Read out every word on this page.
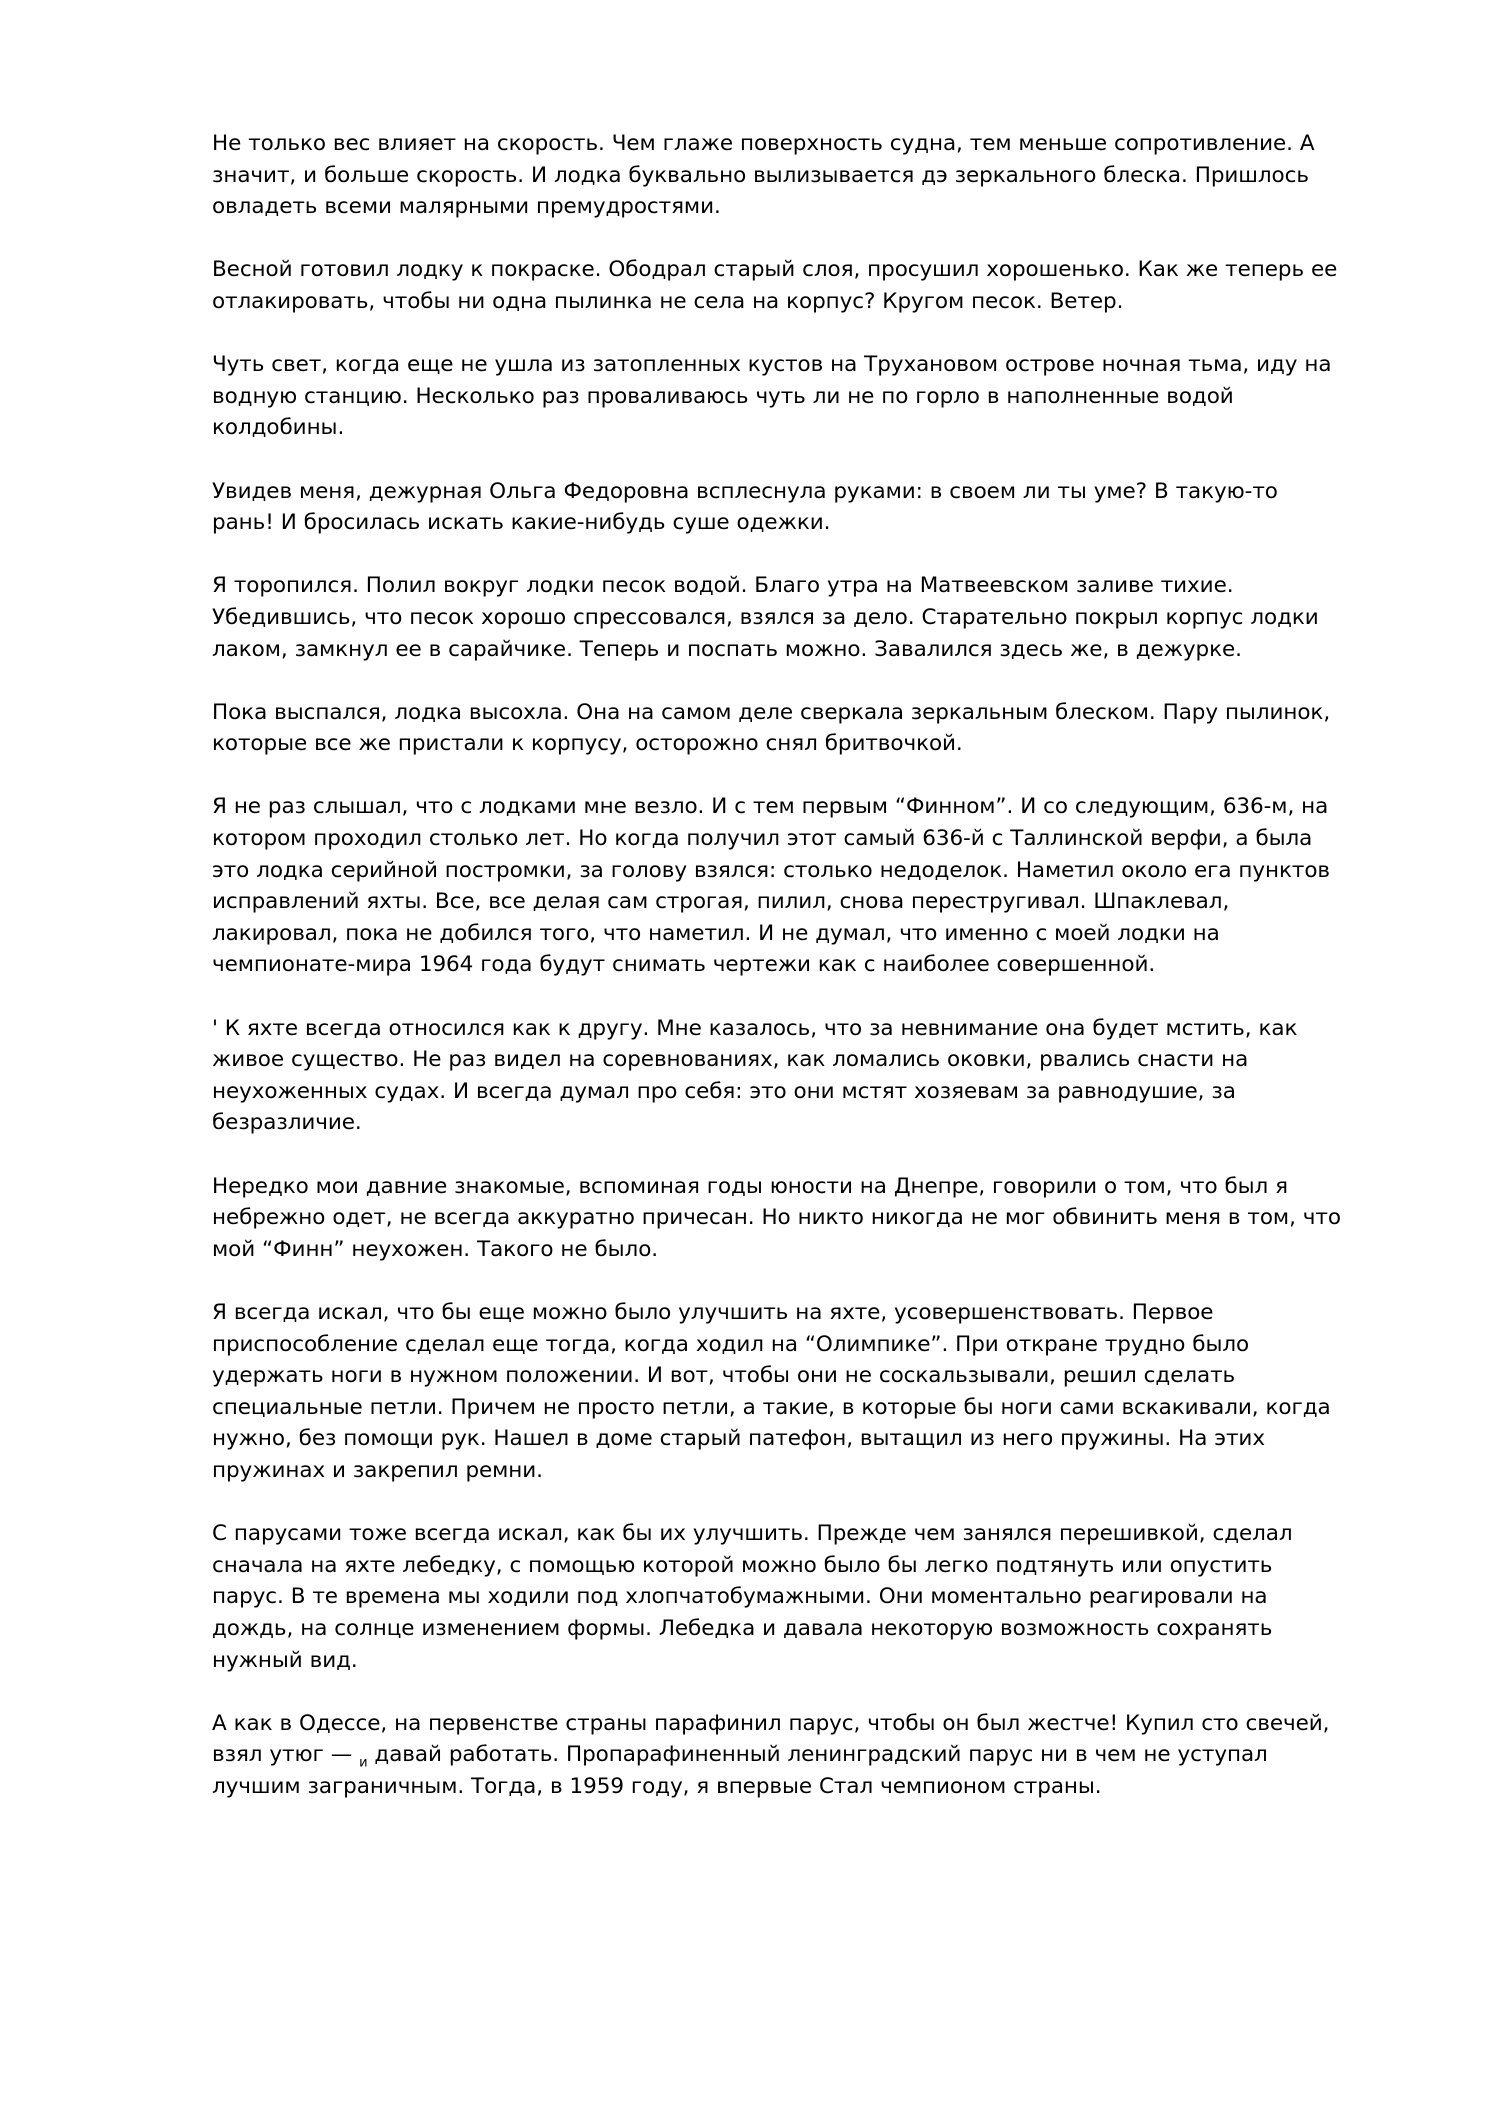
Не только вес влияет на скорость. Чем глаже поверхность судна, тем меньше сопротивление. А значит, и больше скорость. И лодка буквально вылизывается дэ зеркального блеска. Пришлось овладеть всеми малярными премудростями.

Весной готовил лодку к покраске. Ободрал старый слоя, просушил хорошенько. Как же теперь ее отлакировать, чтобы ни одна пылинка не села на корпус? Кругом песок. Ветер.

Чуть свет, когда еще не ушла из затопленных кустов на Трухановом острове ночная тьма, иду на водную станцию. Несколько раз проваливаюсь чуть ли не по горло в наполненные водой колдобины.

Увидев меня, дежурная Ольга Федоровна всплеснула руками: в своем ли ты уме? В такую-то рань! И бросилась искать какие-нибудь суше одежки.

Я торопился. Полил вокруг лодки песок водой. Благо утра на Матвеевском заливе тихие. Убедившись, что песок хорошо спрессовался, взялся за дело. Старательно покрыл корпус лодки лаком, замкнул ее в сарайчике. Теперь и поспать можно. Завалился здесь же, в дежурке.

Пока выспался, лодка высохла. Она на самом деле сверкала зеркальным блеском. Пару пылинок, которые все же пристали к корпусу, осторожно снял бритвочкой.

Я не раз слышал, что с лодками мне везло. И с тем первым “Финном”. И со следующим, 636-м, на котором проходил столько лет. Но когда получил этот самый 636-й с Таллинской верфи, а была это лодка серийной постромки, за голову взялся: столько недоделок. Наметил около ега пунктов исправлений яхты. Все, все делая сам строгая, пилил, снова перестругивал. Шпаклевал, лакировал, пока не добился того, что наметил. И не думал, что именно с моей лодки на чемпионате-мира 1964 года будут снимать чертежи как с наиболее совершенной.

' К яхте всегда относился как к другу. Мне казалось, что за невнимание она будет мстить, как живое существо. Не раз видел на соревнованиях, как ломались оковки, рвались снасти на неухоженных судах. И всегда думал про себя: это они мстят хозяевам за равнодушие, за безразличие.

Нередко мои давние знакомые, вспоминая годы юности на Днепре, говорили о том, что был я небрежно одет, не всегда аккуратно причесан. Но никто никогда не мог обвинить меня в том, что мой “Финн” неухожен. Такого не было.

Я всегда искал, что бы еще можно было улучшить на яхте, усовершенствовать. Первое приспособление сделал еще тогда, когда ходил на “Олимпике”. При откране трудно было удержать ноги в нужном положении. И вот, чтобы они не соскальзывали, решил сделать специальные петли. Причем не просто петли, а такие, в которые бы ноги сами вскакивали, когда нужно, без помощи рук. Нашел в доме старый патефон, вытащил из него пружины. На этих пружинах и закрепил ремни.

С парусами тоже всегда искал, как бы их улучшить. Прежде чем занялся перешивкой, сделал сначала на яхте лебедку, с помощью которой можно было бы легко подтянуть или опустить парус. В те времена мы ходили под хлопчатобумажными. Они моментально реагировали на дождь, на солнце изменением формы. Лебедка и давала некоторую возможность сохранять нужный вид.

А как в Одессе, на первенстве страны парафинил парус, чтобы он был жестче! Купил сто свечей, взял утюг — $_и$ давай работать. Пропарафиненный ленинградский парус ни в чем не уступал лучшим заграничным. Тогда, в 1959 году, я впервые Стал чемпионом страны.
